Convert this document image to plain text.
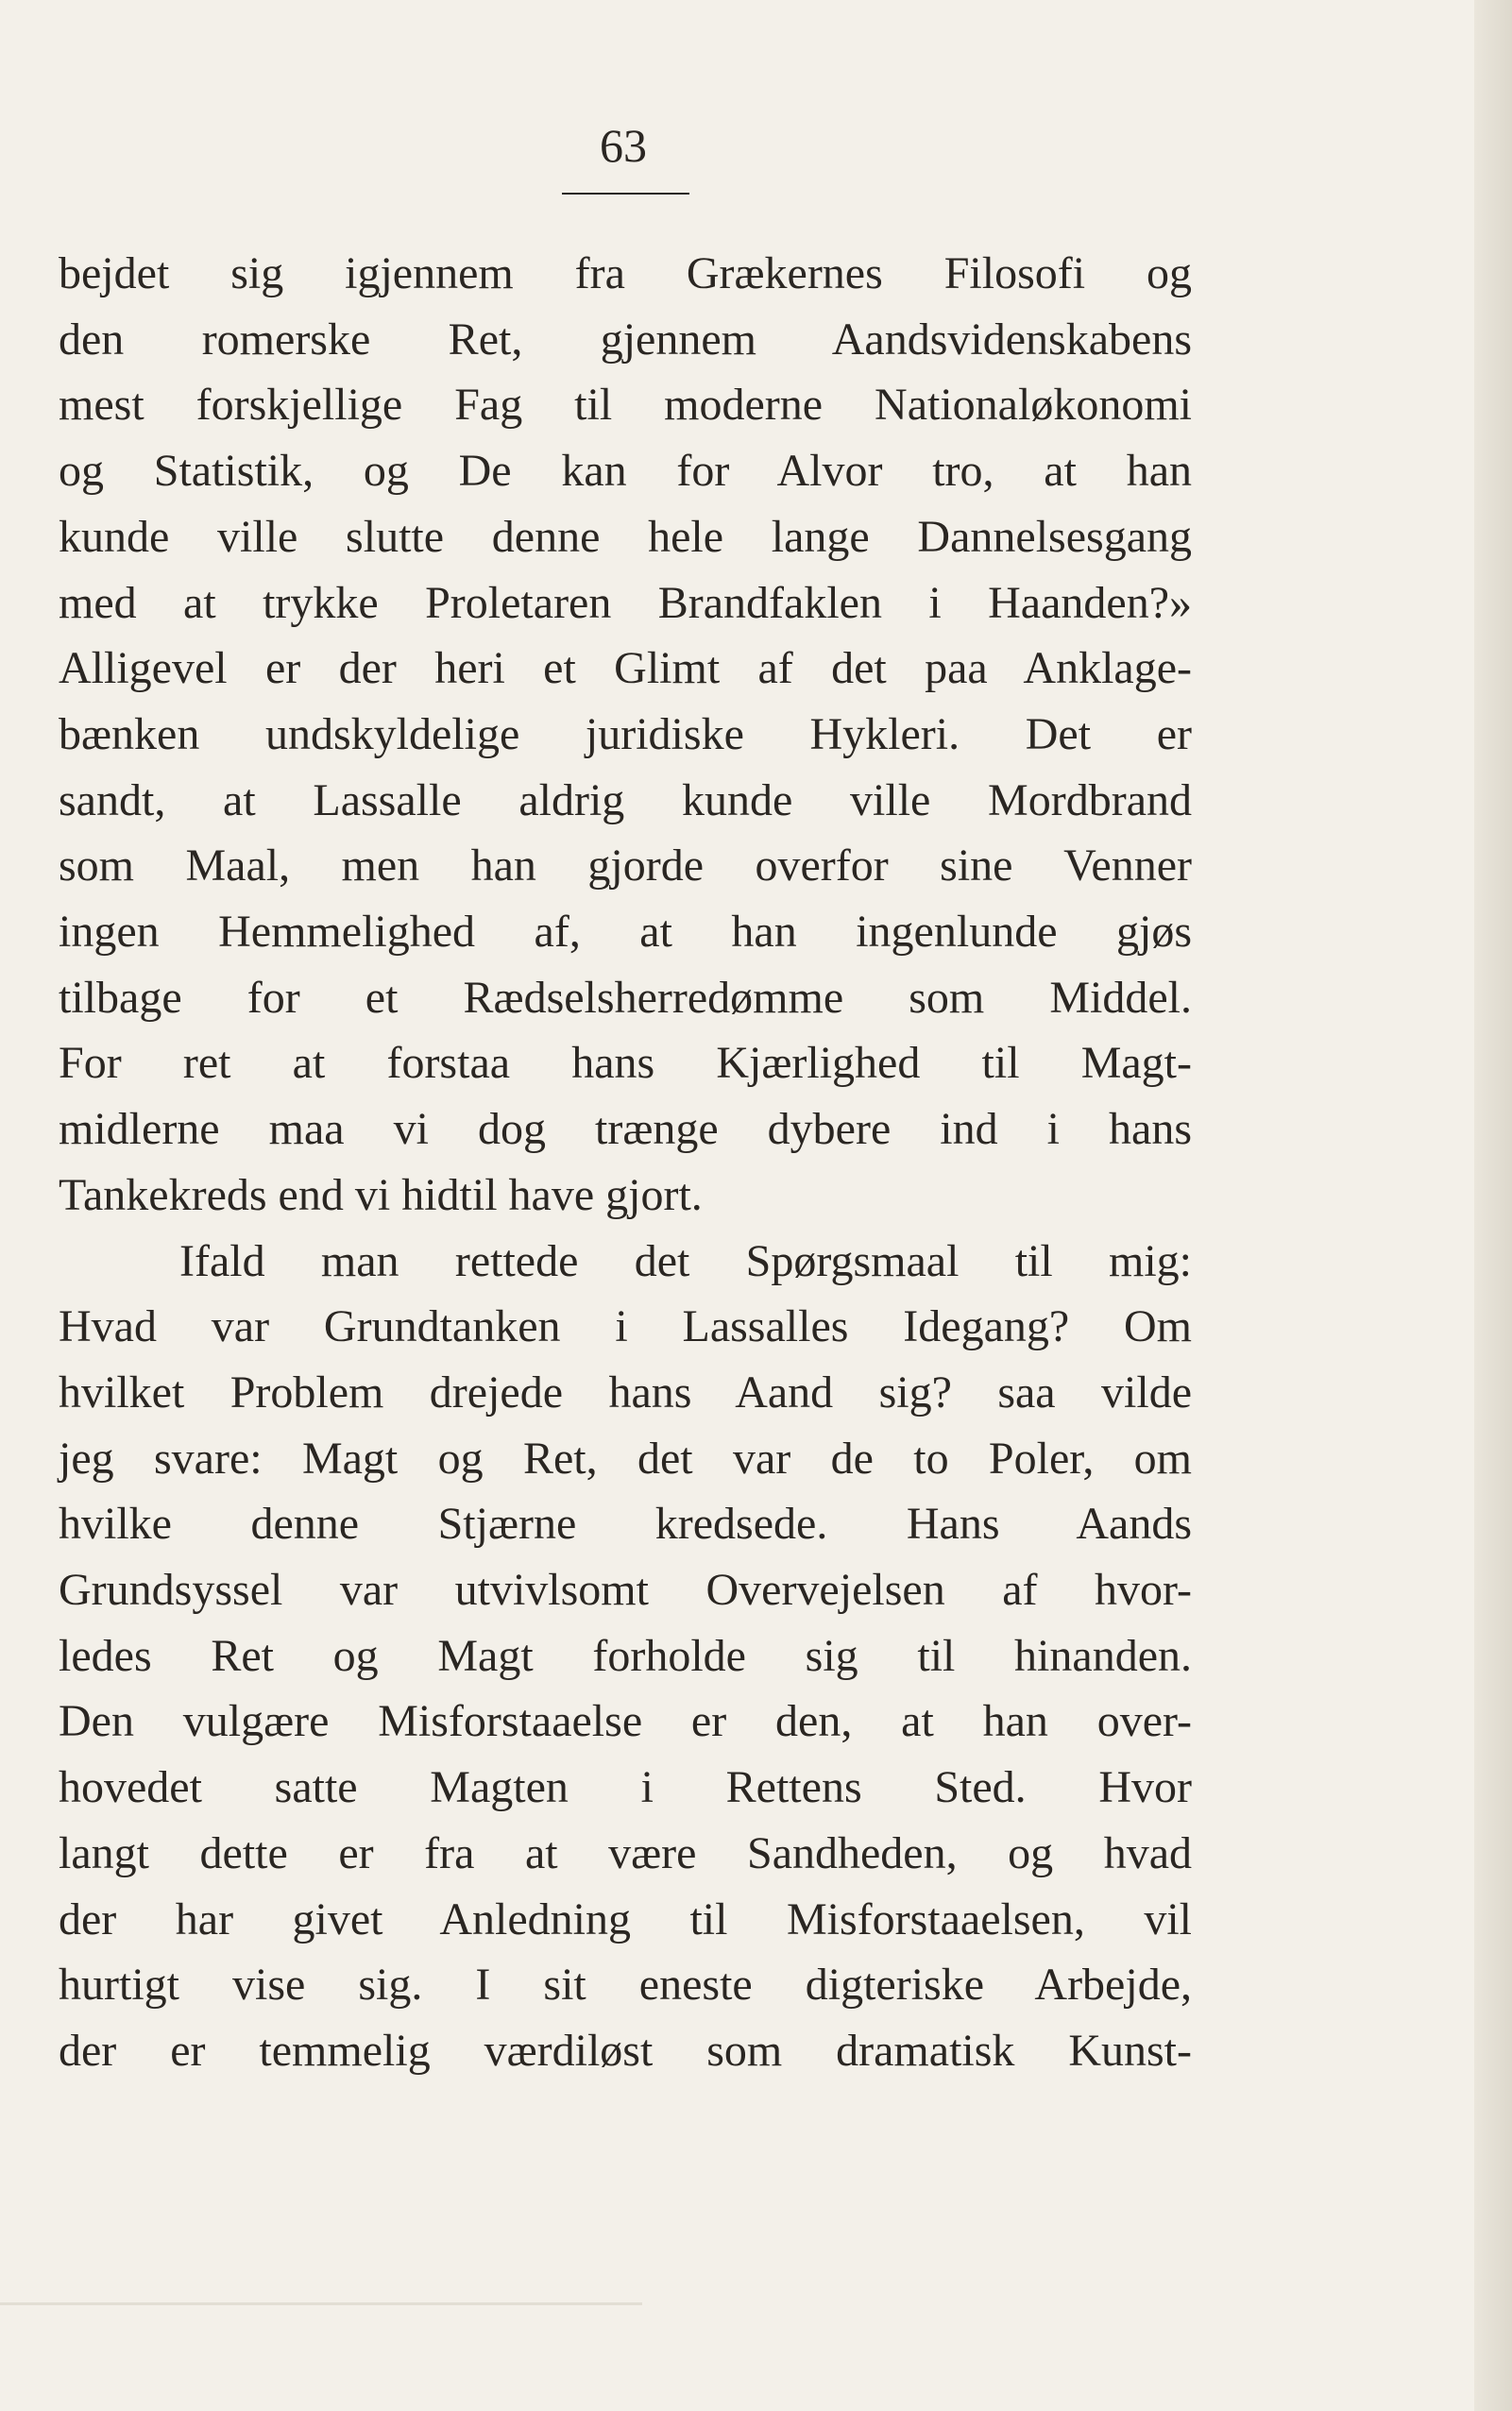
63
bejdet sig igjennem fra Grækernes Filosofi og
den romerske Ret, gjennem Aandsvidenskabens
mest forskjellige Fag til moderne Nationaløkonomi
og Statistik, og De kan for Alvor tro, at han
kunde ville slutte denne hele lange Dannelsesgang
med at trykke Proletaren Brandfaklen i Haanden?»
Alligevel er der heri et Glimt af det paa Anklage-
bænken undskyldelige juridiske Hykleri. Det er
sandt, at Lassalle aldrig kunde ville Mordbrand
som Maal, men han gjorde overfor sine Venner
ingen Hemmelighed af, at han ingenlunde gjøs
tilbage for et Rædselsherredømme som Middel.
For ret at forstaa hans Kjærlighed til Magt-
midlerne maa vi dog trænge dybere ind i hans
Tankekreds end vi hidtil have gjort.
Ifald man rettede det Spørgsmaal til mig:
Hvad var Grundtanken i Lassalles Idegang? Om
hvilket Problem drejede hans Aand sig? saa vilde
jeg svare: Magt og Ret, det var de to Poler, om
hvilke denne Stjærne kredsede. Hans Aands
Grundsyssel var utvivlsomt Overvejelsen af hvor-
ledes Ret og Magt forholde sig til hinanden.
Den vulgære Misforstaaelse er den, at han over-
hovedet satte Magten i Rettens Sted. Hvor
langt dette er fra at være Sandheden, og hvad
der har givet Anledning til Misforstaaelsen, vil
hurtigt vise sig. I sit eneste digteriske Arbejde,
der er temmelig værdiløst som dramatisk Kunst-
